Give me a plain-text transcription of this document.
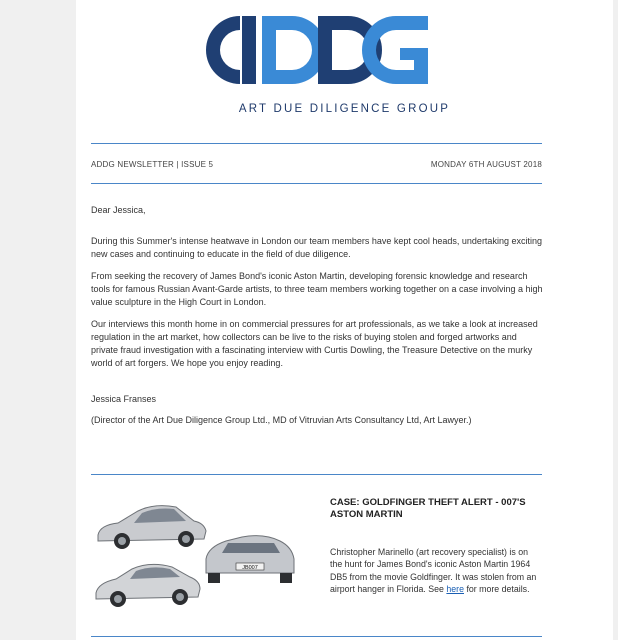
ART DUE DILIGENCE GROUP
ADDG NEWSLETTER | ISSUE 5	MONDAY 6TH AUGUST 2018
Dear Jessica,
During this Summer's intense heatwave in London our team members have kept cool heads, undertaking exciting new cases and continuing to educate in the field of due diligence.
From seeking the recovery of James Bond's iconic Aston Martin, developing forensic knowledge and research tools for famous Russian Avant-Garde artists, to three team members working together on a case involving a high value sculpture in the High Court in London.
Our interviews this month home in on commercial pressures for art professionals, as we take a look at increased regulation in the art market, how collectors can be live to the risks of buying stolen and forged artworks and private fraud investigation with a fascinating interview with Curtis Dowling, the Treasure Detective on the murky world of art forgers. We hope you enjoy reading.
Jessica Franses
(Director of the Art Due Diligence Group Ltd., MD of Vitruvian Arts Consultancy Ltd, Art Lawyer.)
JB007
CASE: GOLDFINGER THEFT ALERT - 007'S ASTON MARTIN
Christopher Marinello (art recovery specialist) is on the hunt for James Bond's iconic Aston Martin 1964 DB5 from the movie Goldfinger. It was stolen from an airport hanger in Florida. See here for more details.
